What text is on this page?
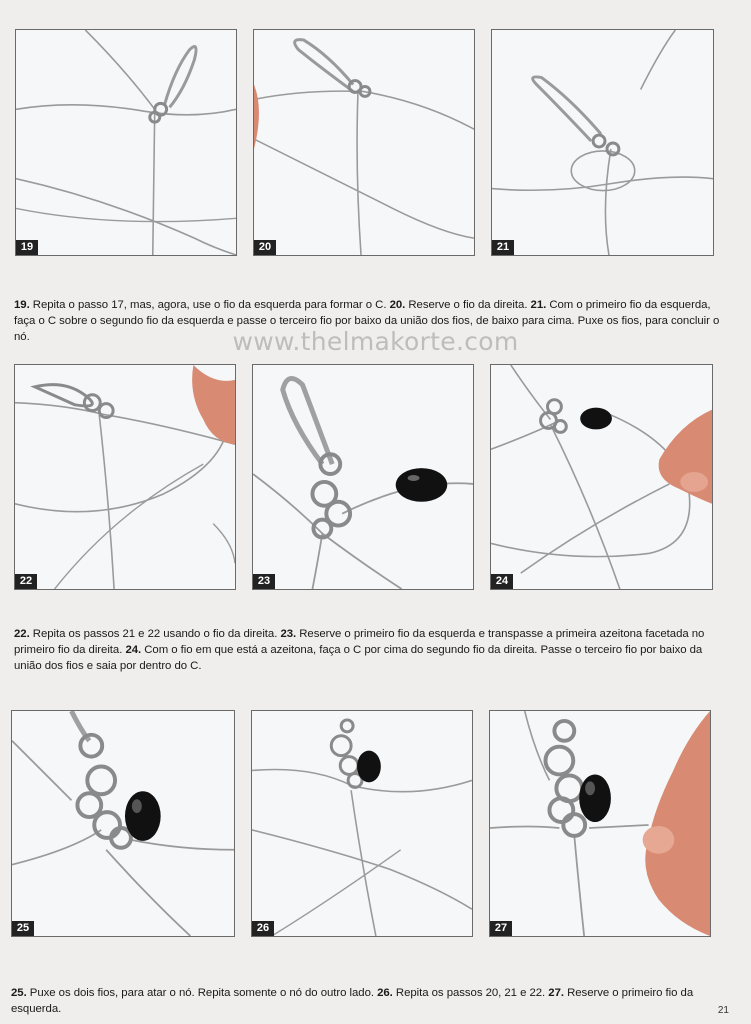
19	20	21
19. Repita o passo 17, mas, agora, use o fio da esquerda para formar o C. 20. Reserve o fio da direita. 21. Com o primeiro fio da esquerda, faça o C sobre o segundo fio da esquerda e passe o terceiro fio por baixo da união dos fios, de baixo para cima. Puxe os fios, para concluir o nó.	www.thelmakorte.com
22	23	24
22. Repita os passos 21 e 22 usando o fio da direita. 23. Reserve o primeiro fio da esquerda e transpasse a primeira azeitona facetada no primeiro fio da direita. 24. Com o fio em que está a azeitona, faça o C por cima do segundo fio da direita. Passe o terceiro fio por baixo da união dos fios e saia por dentro do C.
25	26	27
25. Puxe os dois fios, para atar o nó. Repita somente o nó do outro lado. 26. Repita os passos 20, 21 e 22. 27. Reserve o primeiro fio da esquerda.	21
